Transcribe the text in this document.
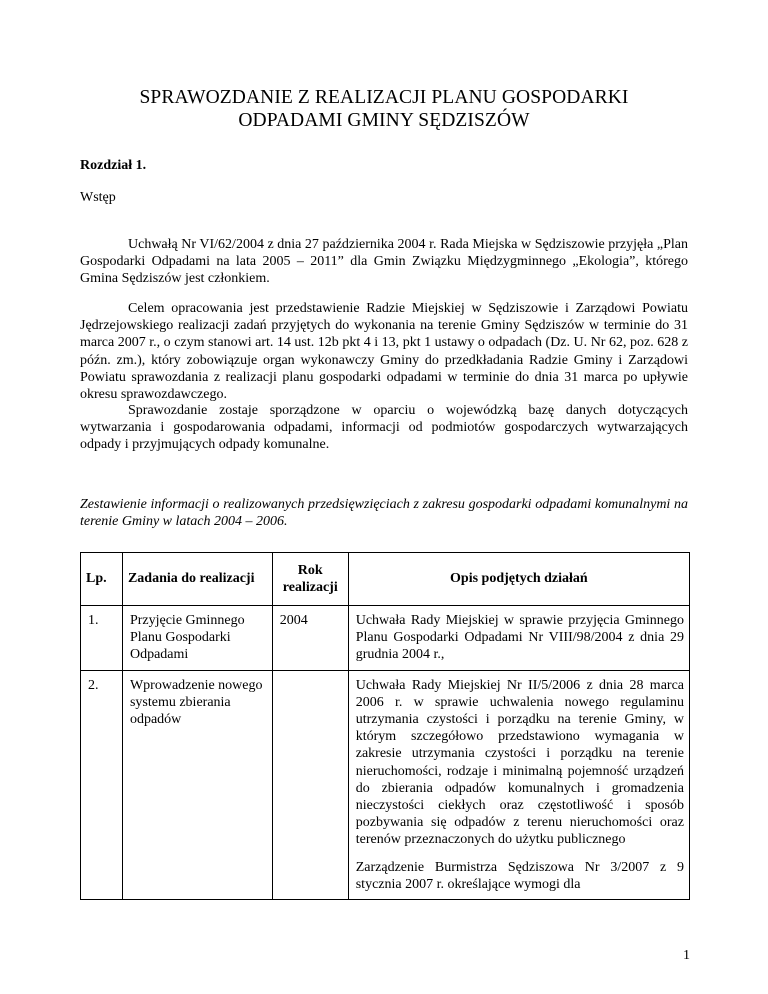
SPRAWOZDANIE Z REALIZACJI PLANU GOSPODARKI
ODPADAMI GMINY SĘDZISZÓW
Rozdział 1.
Wstęp

Uchwałą Nr VI/62/2004 z dnia 27 października 2004 r. Rada Miejska w Sędziszowie przyjęła „Plan Gospodarki Odpadami na lata 2005 – 2011” dla Gmin Związku Międzygminnego „Ekologia”, którego Gmina Sędziszów jest członkiem.

Celem opracowania jest przedstawienie Radzie Miejskiej w Sędziszowie i Zarządowi Powiatu Jędrzejowskiego realizacji zadań przyjętych do wykonania na terenie Gminy Sędziszów w terminie do 31 marca 2007 r., o czym stanowi art. 14 ust. 12b pkt 4 i 13, pkt 1 ustawy o odpadach (Dz. U. Nr 62, poz. 628 z późn. zm.), który zobowiązuje organ wykonawczy Gminy do przedkładania Radzie Gminy i Zarządowi Powiatu sprawozdania z realizacji planu gospodarki odpadami w terminie do dnia 31 marca po upływie okresu sprawozdawczego.

Sprawozdanie zostaje sporządzone w oparciu o wojewódzką bazę danych dotyczących wytwarzania i gospodarowania odpadami, informacji od podmiotów gospodarczych wytwarzających odpady i przyjmujących odpady komunalne.

Zestawienie informacji o realizowanych przedsięwzięciach z zakresu gospodarki odpadami komunalnymi na terenie Gminy w latach 2004 – 2006.
Lp.	Zadania do realizacji	Rok realizacji	Opis podjętych działań
1.	Przyjęcie Gminnego Planu Gospodarki Odpadami	2004	Uchwała Rady Miejskiej w sprawie przyjęcia Gminnego Planu Gospodarki Odpadami Nr VIII/98/2004 z dnia 29 grudnia 2004 r.,

2.	Wprowadzenie nowego systemu zbierania odpadów		Uchwała Rady Miejskiej Nr II/5/2006 z dnia 28 marca 2006 r. w sprawie uchwalenia nowego regulaminu utrzymania czystości i porządku na terenie Gminy, w którym szczegółowo przedstawiono wymagania w zakresie utrzymania czystości i porządku na terenie nieruchomości, rodzaje i minimalną pojemność urządzeń do zbierania odpadów komunalnych i gromadzenia nieczystości ciekłych oraz częstotliwość i sposób pozbywania się odpadów z terenu nieruchomości oraz terenów przeznaczonych do użytku publicznego

Zarządzenie Burmistrza Sędziszowa Nr 3/2007 z 9 stycznia 2007 r. określające wymogi dla

1
